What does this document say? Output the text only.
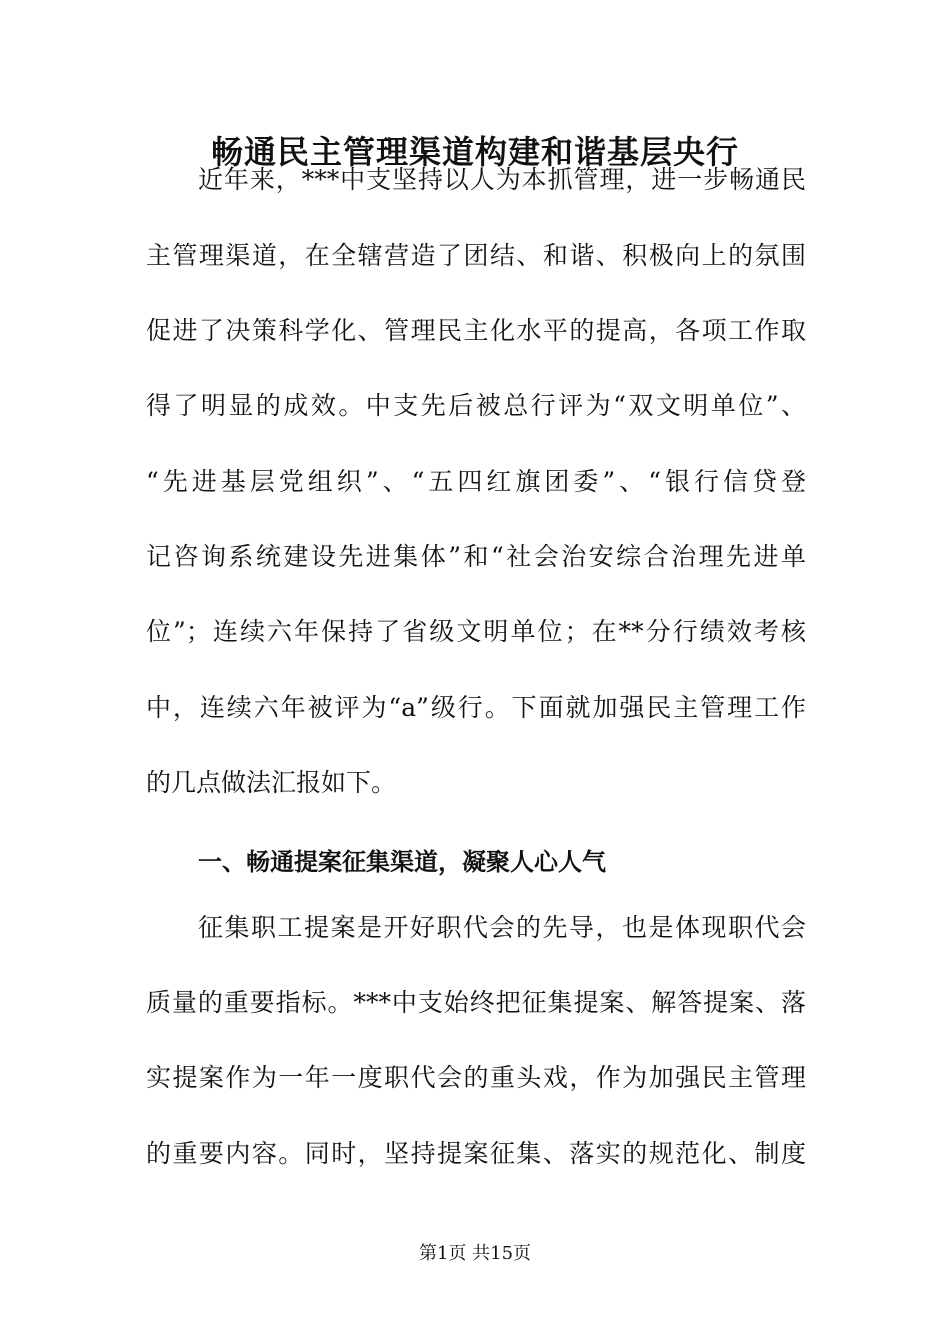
畅通民主管理渠道构建和谐基层央行

近年来，***中支坚持以人为本抓管理，进一步畅通民

主管理渠道，在全辖营造了团结、和谐、积极向上的氛围

促进了决策科学化、管理民主化水平的提高，各项工作取

得了明显的成效。中支先后被总行评为“双文明单位”、

“先进基层党组织”、“五四红旗团委”、“银行信贷登

记咨询系统建设先进集体”和“社会治安综合治理先进单

位”；连续六年保持了省级文明单位；在**分行绩效考核

中，连续六年被评为“a”级行。下面就加强民主管理工作

的几点做法汇报如下。

一、畅通提案征集渠道，凝聚人心人气

征集职工提案是开好职代会的先导，也是体现职代会

质量的重要指标。***中支始终把征集提案、解答提案、落

实提案作为一年一度职代会的重头戏，作为加强民主管理

的重要内容。同时，坚持提案征集、落实的规范化、制度

第1页 共15页
